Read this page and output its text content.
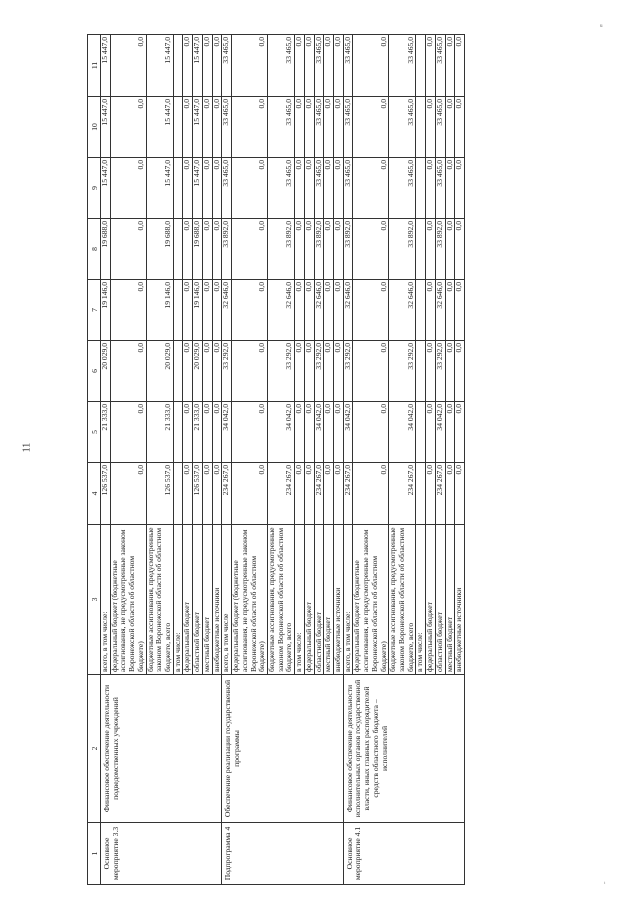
11
ᵘ
ᵗ
1	2	3	4	5	6	7	8	9	10	11
Основное мероприятие 3.3	Финансовое обеспечение деятельности подведомственных учреждений	всего, в том числе:	126 537,0	21 333,0	20 029,0	19 146,0	19 688,0	15 447,0	15 447,0	15 447,0
		федеральный бюджет (бюджетные ассигнования, не предусмотренные законом Воронежской области об областном бюджете)	0,0	0,0	0,0	0,0	0,0	0,0	0,0	0,0
		бюджетные ассигнования, предусмотренные законом Воронежской области об областном бюджете, всего	126 537,0	21 333,0	20 029,0	19 146,0	19 688,0	15 447,0	15 447,0	15 447,0
		в том числе:								
		федеральный бюджет	0,0	0,0	0,0	0,0	0,0	0,0	0,0	0,0
		областной бюджет	126 537,0	21 333,0	20 029,0	19 146,0	19 688,0	15 447,0	15 447,0	15 447,0
		местный бюджет	0,0	0,0	0,0	0,0	0,0	0,0	0,0	0,0
		внебюджетные источники	0,0	0,0	0,0	0,0	0,0	0,0	0,0	0,0
Подпрограмма 4	Обеспечение реализации государственной программы	всего, в том числе	234 267,0	34 042,0	33 292,0	32 646,0	33 892,0	33 465,0	33 465,0	33 465,0
		федеральный бюджет (бюджетные ассигнования, не предусмотренные законом Воронежской области об областном бюджете)	0,0	0,0	0,0	0,0	0,0	0,0	0,0	0,0
		бюджетные ассигнования, предусмотренные законом Воронежской области об областном бюджете, всего	234 267,0	34 042,0	33 292,0	32 646,0	33 892,0	33 465,0	33 465,0	33 465,0
		в том числе:	0,0	0,0	0,0	0,0	0,0	0,0	0,0	0,0
		федеральный бюджет	0,0	0,0	0,0	0,0	0,0	0,0	0,0	0,0
		областной бюджет	234 267,0	34 042,0	33 292,0	32 646,0	33 892,0	33 465,0	33 465,0	33 465,0
		местный бюджет	0,0	0,0	0,0	0,0	0,0	0,0	0,0	0,0
		внебюджетные источники	0,0	0,0	0,0	0,0	0,0	0,0	0,0	0,0
Основное мероприятие 4.1	Финансовое обеспечение деятельности исполнительных органов государственной власти, иных главных распорядителей средств областного бюджета – исполнителей	всего, в том числе:	234 267,0	34 042,0	33 292,0	32 646,0	33 892,0	33 465,0	33 465,0	33 465,0
		федеральный бюджет (бюджетные ассигнования, не предусмотренные законом Воронежской области об областном бюджете)	0,0	0,0	0,0	0,0	0,0	0,0	0,0	0,0
		бюджетные ассигнования, предусмотренные законом Воронежской области об областном бюджете, всего	234 267,0	34 042,0	33 292,0	32 646,0	33 892,0	33 465,0	33 465,0	33 465,0
		в том числе:								
		федеральный бюджет	0,0	0,0	0,0	0,0	0,0	0,0	0,0	0,0
		областной бюджет	234 267,0	34 042,0	33 292,0	32 646,0	33 892,0	33 465,0	33 465,0	33 465,0
		местный бюджет	0,0	0,0	0,0	0,0	0,0	0,0	0,0	0,0
		внебюджетные источники	0,0	0,0	0,0	0,0	0,0	0,0	0,0	0,0
